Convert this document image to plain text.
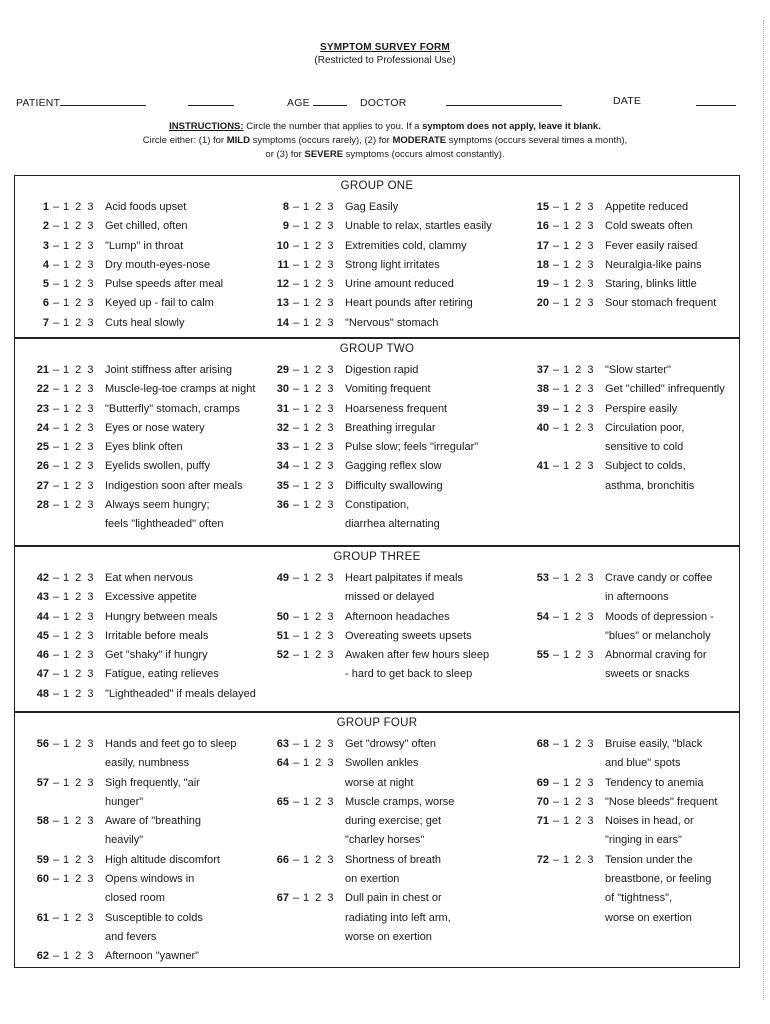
SYMPTOM SURVEY FORM
(Restricted to Professional Use)
PATIENT	AGE	DOCTOR	DATE
INSTRUCTIONS: Circle the number that applies to you. If a symptom does not apply, leave it blank.
Circle either: (1) for MILD symptoms (occurs rarely), (2) for MODERATE symptoms (occurs several times a month),
or (3) for SEVERE symptoms (occurs almost constantly).
GROUP ONE
1 – 1 2 3 Acid foods upset
2 – 1 2 3 Get chilled, often
3 – 1 2 3 "Lump" in throat
4 – 1 2 3 Dry mouth-eyes-nose
5 – 1 2 3 Pulse speeds after meal
6 – 1 2 3 Keyed up - fail to calm
7 – 1 2 3 Cuts heal slowly
8 – 1 2 3 Gag Easily
9 – 1 2 3 Unable to relax, startles easily
10 – 1 2 3 Extremities cold, clammy
11 – 1 2 3 Strong light irritates
12 – 1 2 3 Urine amount reduced
13 – 1 2 3 Heart pounds after retiring
14 – 1 2 3 "Nervous" stomach
15 – 1 2 3 Appetite reduced
16 – 1 2 3 Cold sweats often
17 – 1 2 3 Fever easily raised
18 – 1 2 3 Neuralgia-like pains
19 – 1 2 3 Staring, blinks little
20 – 1 2 3 Sour stomach frequent
GROUP TWO
21 – 1 2 3 Joint stiffness after arising
22 – 1 2 3 Muscle-leg-toe cramps at night
23 – 1 2 3 "Butterfly" stomach, cramps
24 – 1 2 3 Eyes or nose watery
25 – 1 2 3 Eyes blink often
26 – 1 2 3 Eyelids swollen, puffy
27 – 1 2 3 Indigestion soon after meals
28 – 1 2 3 Always seem hungry;
feels "lightheaded" often
29 – 1 2 3 Digestion rapid
30 – 1 2 3 Vomiting frequent
31 – 1 2 3 Hoarseness frequent
32 – 1 2 3 Breathing irregular
33 – 1 2 3 Pulse slow; feels "irregular"
34 – 1 2 3 Gagging reflex slow
35 – 1 2 3 Difficulty swallowing
36 – 1 2 3 Constipation,
diarrhea alternating
37 – 1 2 3 "Slow starter"
38 – 1 2 3 Get "chilled" infrequently
39 – 1 2 3 Perspire easily
40 – 1 2 3 Circulation poor,
sensitive to cold
41 – 1 2 3 Subject to colds,
asthma, bronchitis
GROUP THREE
42 – 1 2 3 Eat when nervous
43 – 1 2 3 Excessive appetite
44 – 1 2 3 Hungry between meals
45 – 1 2 3 Irritable before meals
46 – 1 2 3 Get "shaky" if hungry
47 – 1 2 3 Fatigue, eating relieves
48 – 1 2 3 "Lightheaded" if meals delayed
49 – 1 2 3 Heart palpitates if meals
missed or delayed
50 – 1 2 3 Afternoon headaches
51 – 1 2 3 Overeating sweets upsets
52 – 1 2 3 Awaken after few hours sleep
- hard to get back to sleep
53 – 1 2 3 Crave candy or coffee
in afternoons
54 – 1 2 3 Moods of depression -
"blues" or melancholy
55 – 1 2 3 Abnormal craving for
sweets or snacks
GROUP FOUR
56 – 1 2 3 Hands and feet go to sleep
easily, numbness
57 – 1 2 3 Sigh frequently, "air
hunger"
58 – 1 2 3 Aware of "breathing
heavily"
59 – 1 2 3 High altitude discomfort
60 – 1 2 3 Opens windows in
closed room
61 – 1 2 3 Susceptible to colds
and fevers
62 – 1 2 3 Afternoon "yawner"
63 – 1 2 3 Get "drowsy" often
64 – 1 2 3 Swollen ankles
worse at night
65 – 1 2 3 Muscle cramps, worse
during exercise; get
"charley horses"
66 – 1 2 3 Shortness of breath
on exertion
67 – 1 2 3 Dull pain in chest or
radiating into left arm,
worse on exertion
68 – 1 2 3 Bruise easily, "black
and blue" spots
69 – 1 2 3 Tendency to anemia
70 – 1 2 3 "Nose bleeds" frequent
71 – 1 2 3 Noises in head, or
"ringing in ears"
72 – 1 2 3 Tension under the
breastbone, or feeling
of "tightness",
worse on exertion
